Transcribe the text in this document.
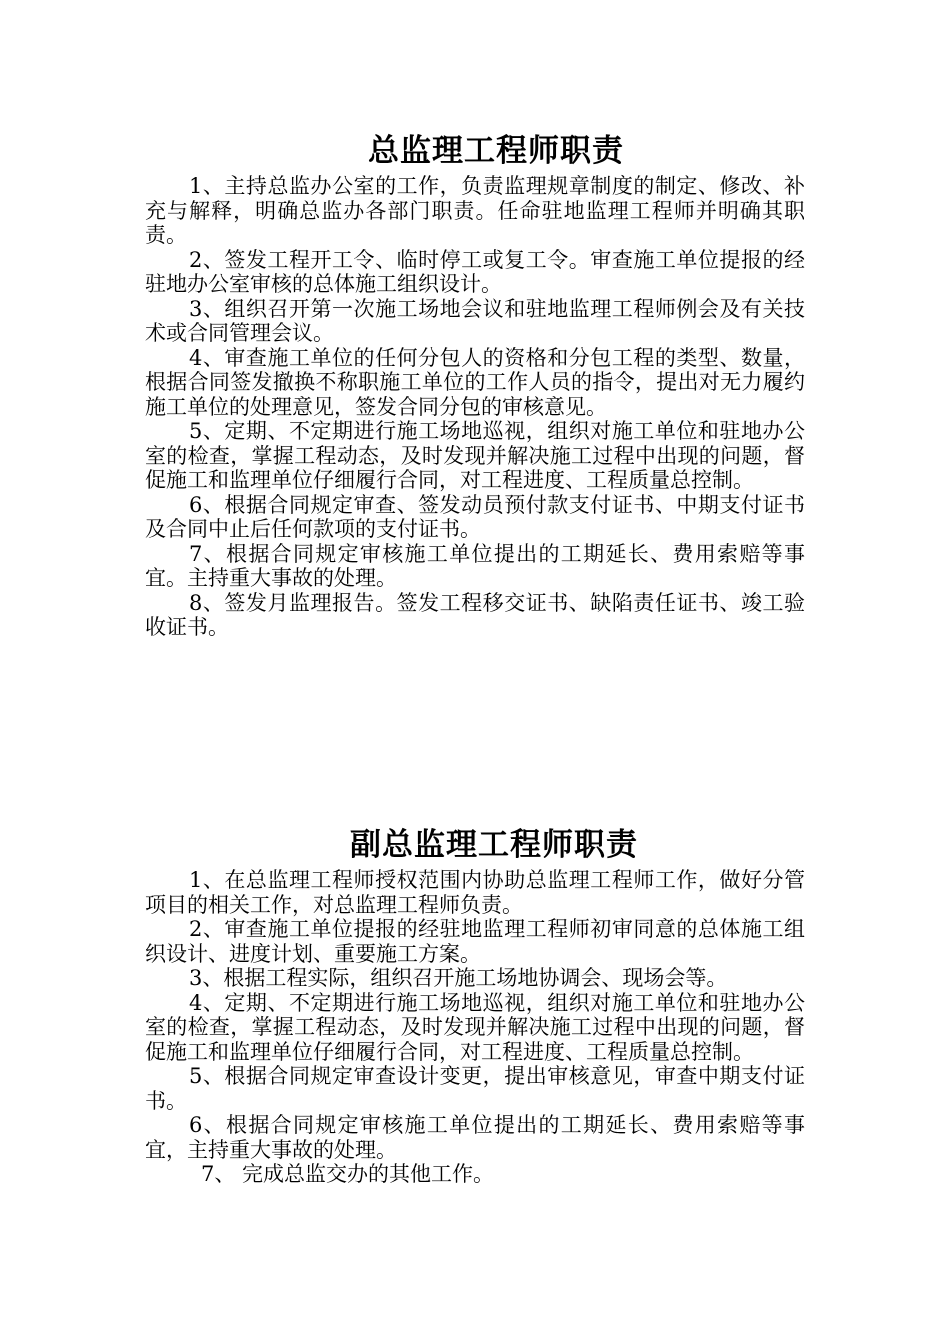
总监理工程师职责

1、主持总监办公室的工作，负责监理规章制度的制定、修改、补充与解释，明确总监办各部门职责。任命驻地监理工程师并明确其职责。

2、签发工程开工令、临时停工或复工令。审查施工单位提报的经驻地办公室审核的总体施工组织设计。

3、组织召开第一次施工场地会议和驻地监理工程师例会及有关技术或合同管理会议。

4、审查施工单位的任何分包人的资格和分包工程的类型、数量，根据合同签发撤换不称职施工单位的工作人员的指令，提出对无力履约施工单位的处理意见，签发合同分包的审核意见。

5、定期、不定期进行施工场地巡视，组织对施工单位和驻地办公室的检查，掌握工程动态，及时发现并解决施工过程中出现的问题，督促施工和监理单位仔细履行合同，对工程进度、工程质量总控制。

6、根据合同规定审查、签发动员预付款支付证书、中期支付证书及合同中止后任何款项的支付证书。

7、根据合同规定审核施工单位提出的工期延长、费用索赔等事宜。主持重大事故的处理。

8、签发月监理报告。签发工程移交证书、缺陷责任证书、竣工验收证书。

副总监理工程师职责

1、在总监理工程师授权范围内协助总监理工程师工作，做好分管项目的相关工作，对总监理工程师负责。

2、审查施工单位提报的经驻地监理工程师初审同意的总体施工组织设计、进度计划、重要施工方案。

3、根据工程实际，组织召开施工场地协调会、现场会等。

4、定期、不定期进行施工场地巡视，组织对施工单位和驻地办公室的检查，掌握工程动态，及时发现并解决施工过程中出现的问题，督促施工和监理单位仔细履行合同，对工程进度、工程质量总控制。

5、根据合同规定审查设计变更，提出审核意见，审查中期支付证书。

6、根据合同规定审核施工单位提出的工期延长、费用索赔等事宜，主持重大事故的处理。

7、 完成总监交办的其他工作。
